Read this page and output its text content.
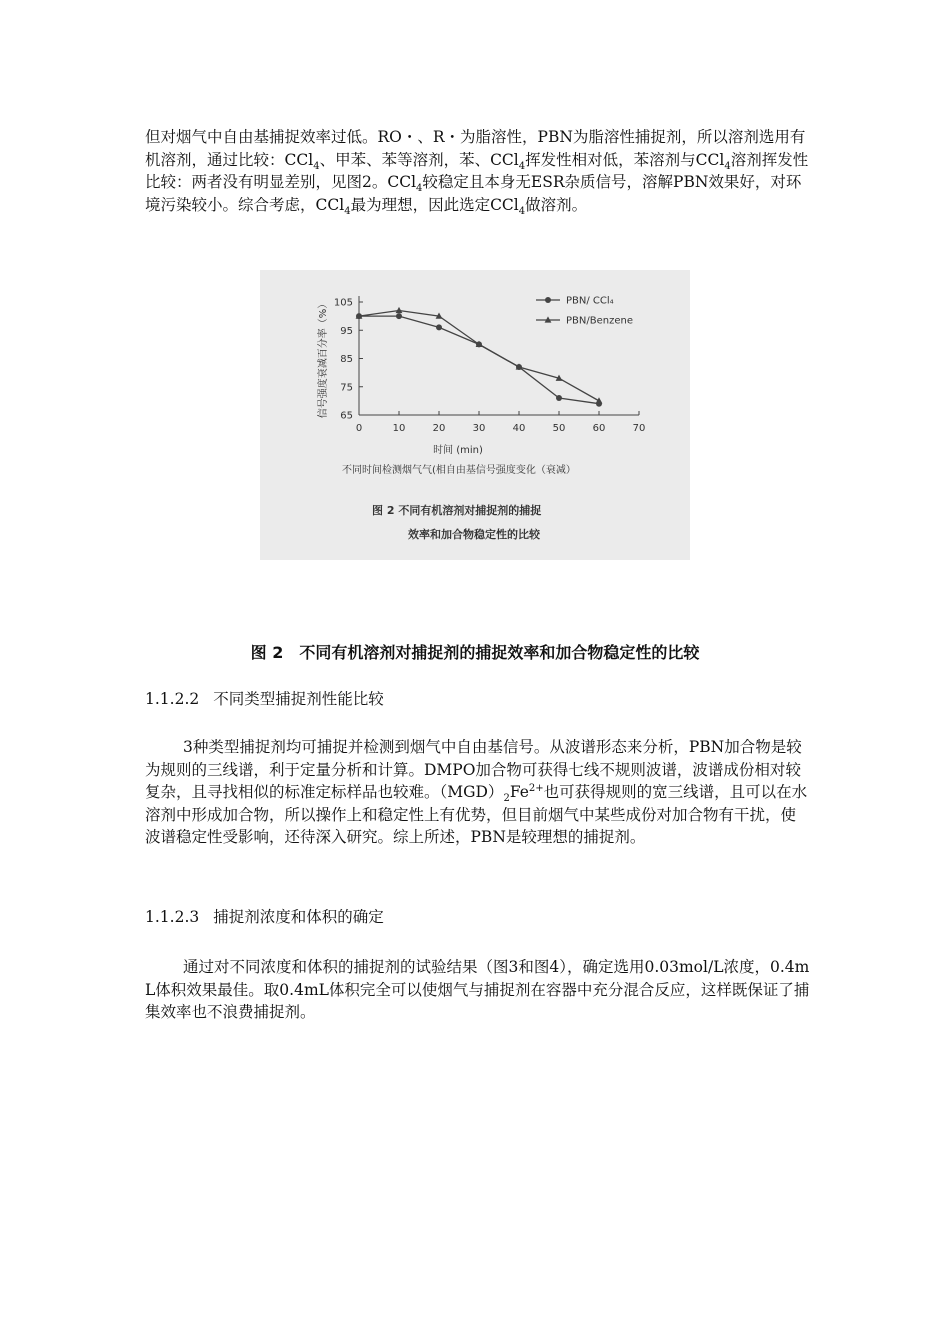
但对烟气中自由基捕捉效率过低。RO・、R・为脂溶性，PBN为脂溶性捕捉剂，所以溶剂选用有机溶剂，通过比较：CCl$_4$、甲苯、苯等溶剂，苯、CCl$_4$挥发性相对低，苯溶剂与CCl$_4$溶剂挥发性比较：两者没有明显差别，见图2。CCl$_4$较稳定且本身无ESR杂质信号，溶解PBN效果好，对环境污染较小。综合考虑，CCl$_4$最为理想，因此选定CCl$_4$做溶剂。

65
75
85
95
105
0	10	20	30	40	50	60	70
PBN/ CCl₄
PBN/Benzene
信号强度衰减百分率（%）
时间 (min)
不同时间检测烟气气(相自由基信号强度变化（衰减）
图 2 不同有机溶剂对捕捉剂的捕捉
效率和加合物稳定性的比较

图 2 不同有机溶剂对捕捉剂的捕捉效率和加合物稳定性的比较

1.1.2.2 不同类型捕捉剂性能比较

3种类型捕捉剂均可捕捉并检测到烟气中自由基信号。从波谱形态来分析，PBN加合物是较为规则的三线谱，利于定量分析和计算。DMPO加合物可获得七线不规则波谱，波谱成份相对较复杂，且寻找相似的标准定标样品也较难。$(MGD)_2Fe^{2+}$也可获得规则的宽三线谱，且可以在水溶剂中形成加合物，所以操作上和稳定性上有优势，但目前烟气中某些成份对加合物有干扰，使波谱稳定性受影响，还待深入研究。综上所述，PBN是较理想的捕捉剂。

1.1.2.3 捕捉剂浓度和体积的确定

通过对不同浓度和体积的捕捉剂的试验结果（图3和图4），确定选用0.03mol/L浓度，0.4mL体积效果最佳。取0.4mL体积完全可以使烟气与捕捉剂在容器中充分混合反应，这样既保证了捕集效率也不浪费捕捉剂。
